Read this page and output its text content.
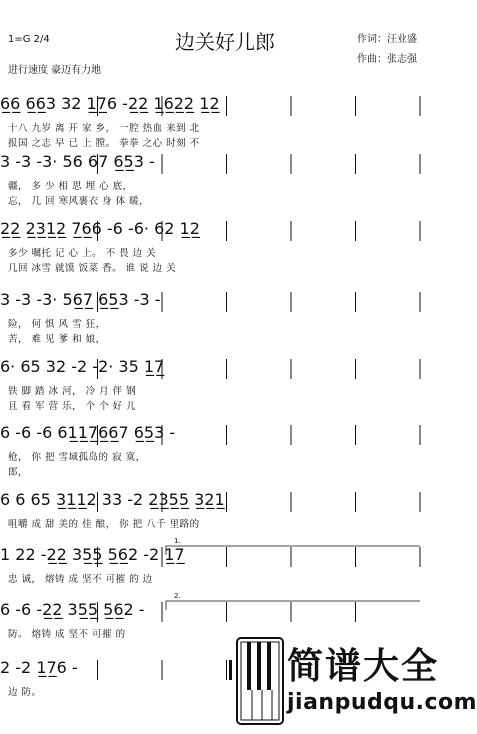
边关好儿郎
1=G 2/4
进行速度 豪迈有力地
作词：汪业盛
作曲：张志强
6̲6̲ 6̲6̲3 32 1̲7̲6 -2̲2̲ 1̲6̲2̲2̲ 1̲2̲
十八 九岁 离 开 家 乡， 一腔 热血 来到 北
报国 之志 早 已 上 膛。 拳拳 之心 时刻 不
3 -3 -3· 56 67 6̲5̲3 -
疆， 多 少 相 思 埋 心 底，
忘， 几 回 寒风裹衣 身 体 暖，
2̲2̲ 2̲3̲1̲2̲ 7̲6̲6 -6 -6· 62 1̲2̲
多少 嘱托 记 心 上。 不 畏 边 关
几回 冰雪 就馍 饭菜 香。 谁 说 边 关
3 -3 -3· 56̲7̲ 6̲5̲3 -3 -
险， 何 惧 风 雪 狂，
苦， 难 见 爹 和 娘，
6· 65 32 -2 -2· 35 1̲7̲
铁 脚 踏 冰 河， 冷 月 伴 钢
且 看 军 营 乐， 个 个 好 儿
6 -6 -6 61̲1̲7̲6̲6̲7 6̲5̲3 -
枪， 你 把 雪域孤岛的 寂 寞，
郎，
6 6 65 3̲1̲1̲2 33 -2 2̲3̲5̲5̲ 3̲2̲1̲
咀嚼 成 甜 美的 佳 酿， 你 把 八千 里路的
1.
1 22 -2̲2̲ 35̲5̲ 5̲6̲2 -2 1̲7̲
忠 诚， 熔铸 成 坚不 可摧 的 边
2.
6 -6 -2̲2̲ 35̲5̲ 5̲6̲2 -
防。 熔铸 成 坚不 可摧 的
2 -2 1̲7̲6 -
边 防。
简谱大全
jianpudqu.com
